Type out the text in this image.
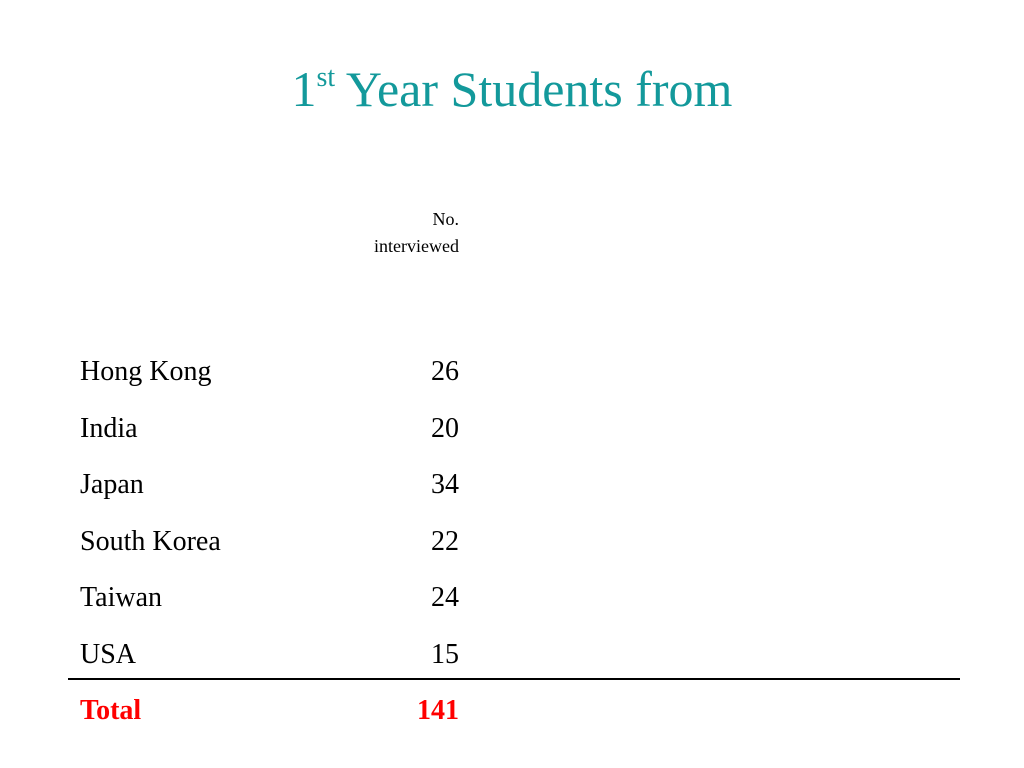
1st Year Students from
No.
interviewed
Hong Kong	26
India	20
Japan	34
South Korea	22
Taiwan	24
USA	15
Total	141
